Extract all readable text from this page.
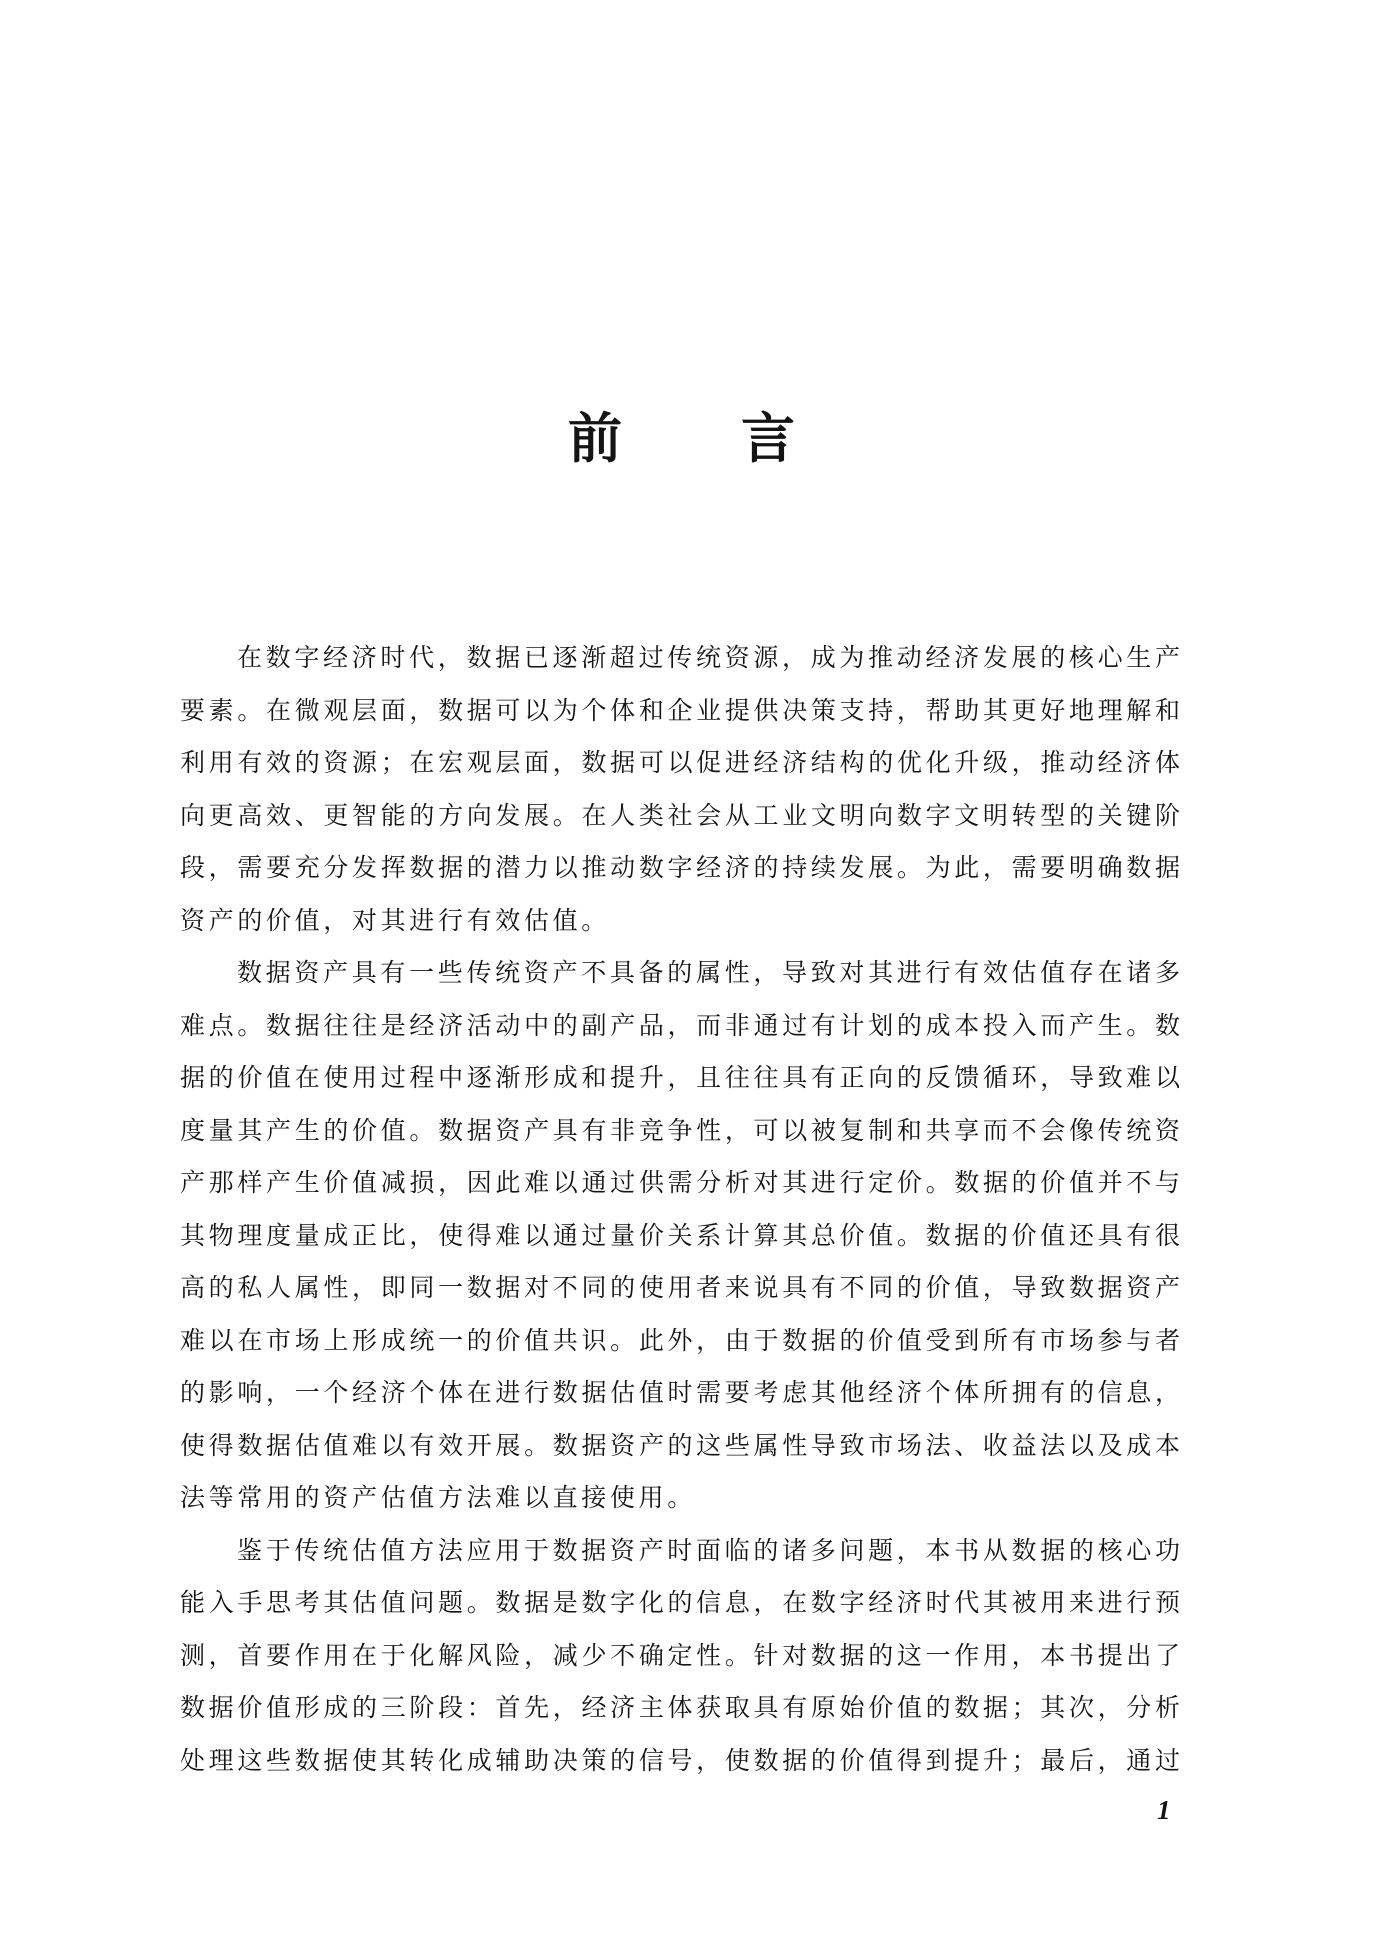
前言
在数字经济时代，数据已逐渐超过传统资源，成为推动经济发展的核心生产
要素。在微观层面，数据可以为个体和企业提供决策支持，帮助其更好地理解和
利用有效的资源；在宏观层面，数据可以促进经济结构的优化升级，推动经济体
向更高效、更智能的方向发展。在人类社会从工业文明向数字文明转型的关键阶
段，需要充分发挥数据的潜力以推动数字经济的持续发展。为此，需要明确数据
资产的价值，对其进行有效估值。
数据资产具有一些传统资产不具备的属性，导致对其进行有效估值存在诸多
难点。数据往往是经济活动中的副产品，而非通过有计划的成本投入而产生。数
据的价值在使用过程中逐渐形成和提升，且往往具有正向的反馈循环，导致难以
度量其产生的价值。数据资产具有非竞争性，可以被复制和共享而不会像传统资
产那样产生价值减损，因此难以通过供需分析对其进行定价。数据的价值并不与
其物理度量成正比，使得难以通过量价关系计算其总价值。数据的价值还具有很
高的私人属性，即同一数据对不同的使用者来说具有不同的价值，导致数据资产
难以在市场上形成统一的价值共识。此外，由于数据的价值受到所有市场参与者
的影响，一个经济个体在进行数据估值时需要考虑其他经济个体所拥有的信息，
使得数据估值难以有效开展。数据资产的这些属性导致市场法、收益法以及成本
法等常用的资产估值方法难以直接使用。
鉴于传统估值方法应用于数据资产时面临的诸多问题，本书从数据的核心功
能入手思考其估值问题。数据是数字化的信息，在数字经济时代其被用来进行预
测，首要作用在于化解风险，减少不确定性。针对数据的这一作用，本书提出了
数据价值形成的三阶段：首先，经济主体获取具有原始价值的数据；其次，分析
处理这些数据使其转化成辅助决策的信号，使数据的价值得到提升；最后，通过
1
